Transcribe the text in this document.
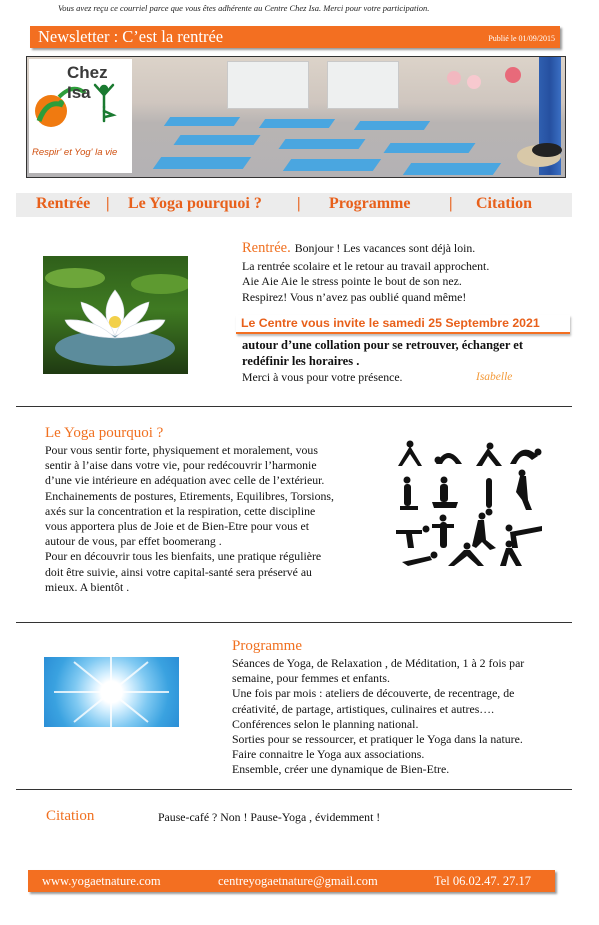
Vous avez reçu ce courriel parce que vous êtes adhérente au Centre Chez Isa. Merci pour votre participation.
Newsletter : C’est la rentrée	Publié le 01/09/2015
Chez Isa
Respir' et Yog' la vie
Rentrée | Le Yoga pourquoi ? | Programme | Citation
Rentrée. Bonjour ! Les vacances sont déjà loin.
La rentrée scolaire et le retour au travail approchent.
Aie Aie Aie le stress pointe le bout de son nez.
Respirez! Vous n’avez pas oublié quand même!
Le Centre vous invite le samedi 25 Septembre 2021
autour d’une collation pour se retrouver, échanger et
redéfinir les horaires .
Merci à vous pour votre présence.	Isabelle
Le Yoga pourquoi ?
Pour vous sentir forte, physiquement et moralement, vous
sentir à l’aise dans votre vie, pour redécouvrir l’harmonie
d’une vie intérieure en adéquation avec celle de l’extérieur.
Enchainements de postures, Etirements, Equilibres, Torsions,
axés sur la concentration et la respiration, cette discipline
vous apportera plus de Joie et de Bien-Etre pour vous et
autour de vous, par effet boomerang .
Pour en découvrir tous les bienfaits, une pratique régulière
doit être suivie, ainsi votre capital-santé sera préservé au
mieux. A bientôt .
Programme
Séances de Yoga, de Relaxation , de Méditation, 1 à 2 fois par
semaine, pour femmes et enfants.
Une fois par mois : ateliers de découverte, de recentrage, de
créativité, de partage, artistiques, culinaires et autres….
Conférences selon le planning national.
Sorties pour se ressourcer, et pratiquer le Yoga dans la nature.
Faire connaitre le Yoga aux associations.
Ensemble, créer une dynamique de Bien-Etre.
Citation	Pause-café ? Non ! Pause-Yoga , évidemment !
www.yogaetnature.com	centreyogaetnature@gmail.com	Tel 06.02.47. 27.17
